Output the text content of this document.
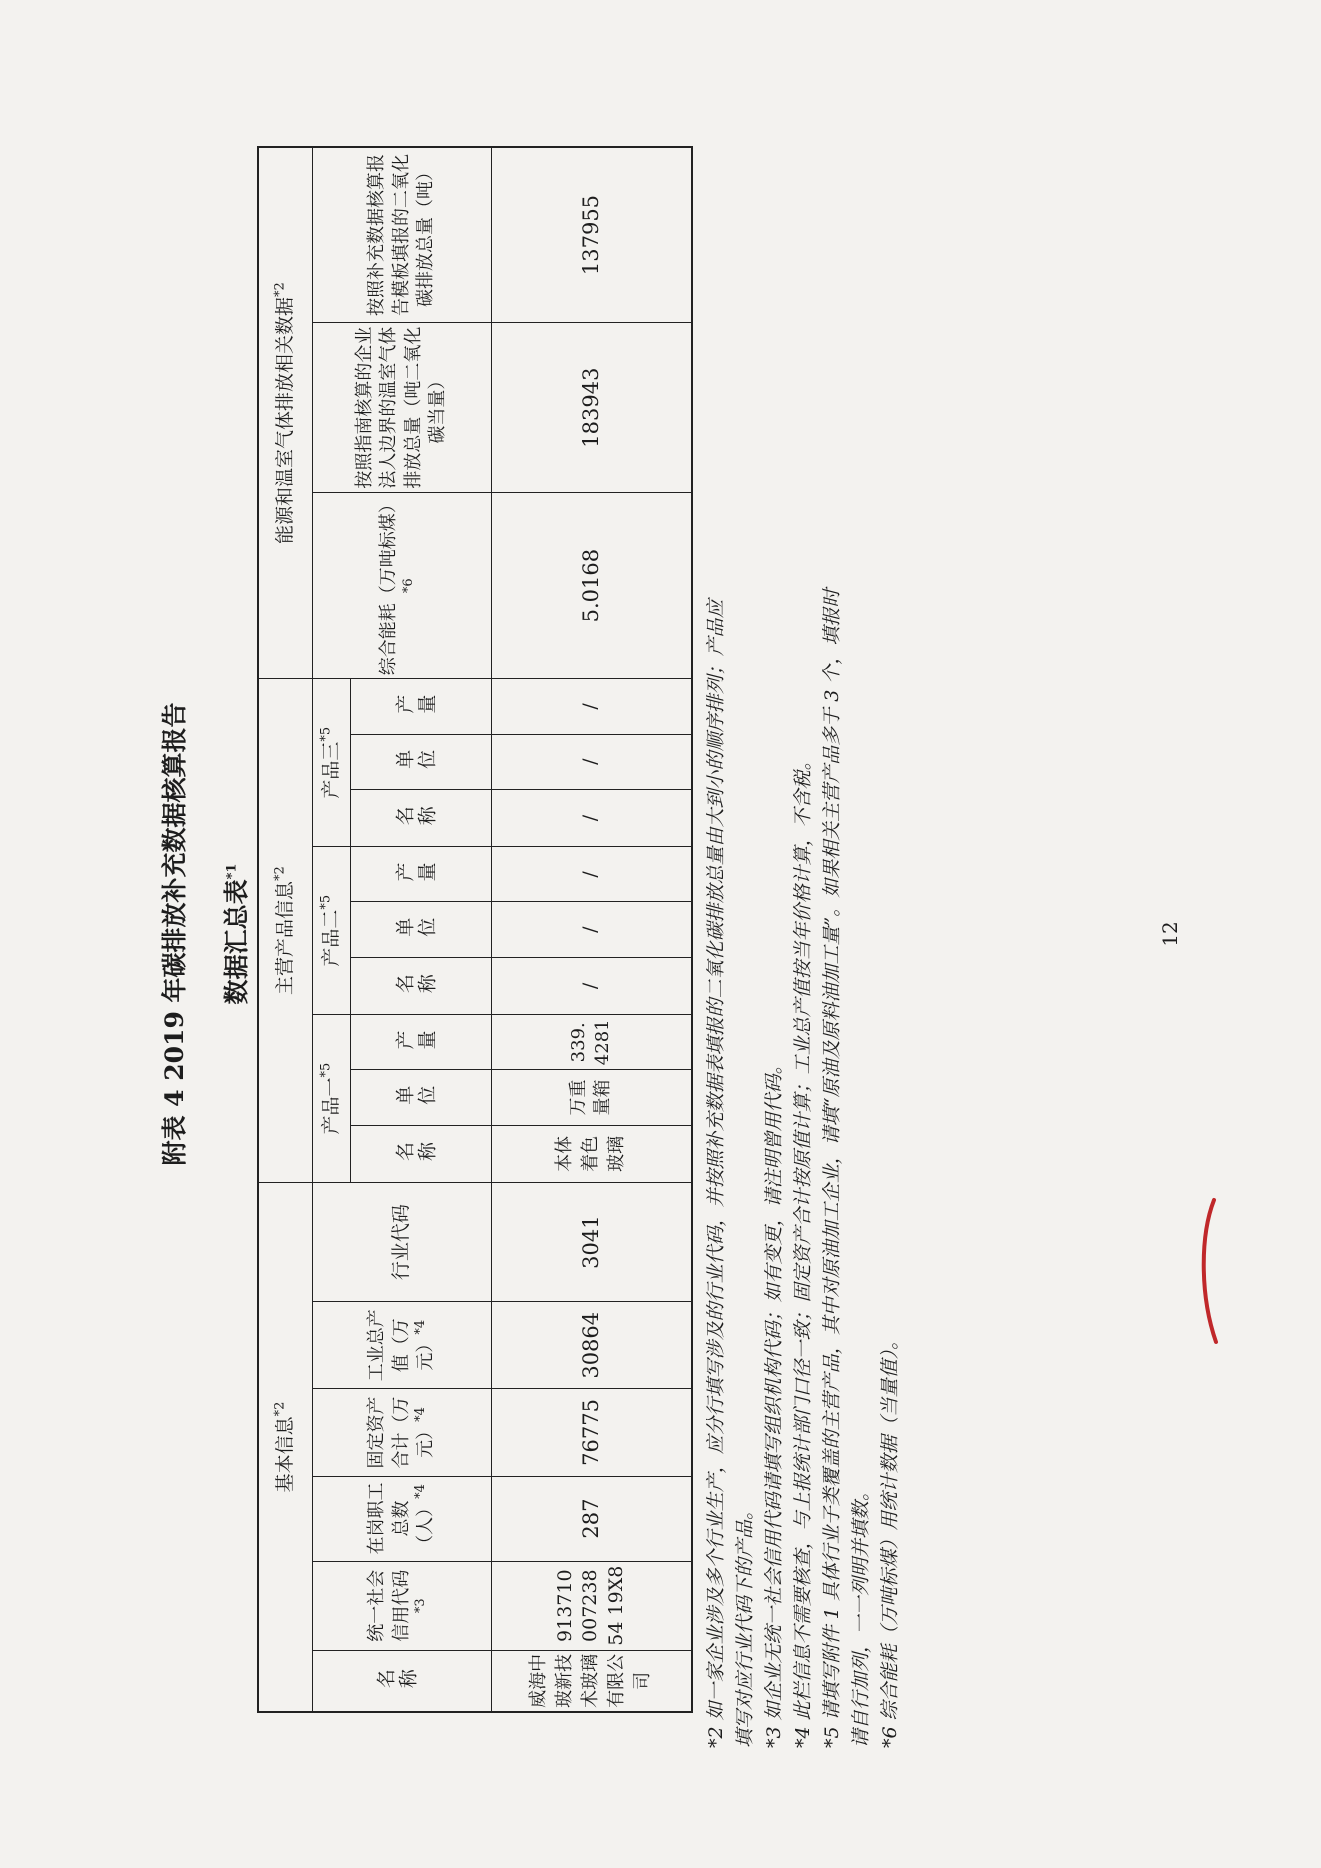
附表 4 2019 年碳排放补充数据核算报告 数据汇总表$^{*1}$
基本信息$^{*2}$						主营产品信息$^{*2}$									能源和温室气体排放相关数据$^{*2}$
名称	统一社会信用代码$^{*3}$	在岗职工总数（人）$^{*4}$	固定资产合计（万元）$^{*4}$	工业总产值（万元）$^{*4}$	行业代码	产品一$^{*5}$			产品二$^{*5}$			产品三$^{*5}$			综合能耗（万吨标煤）$^{*6}$	按照指南核算的企业法人边界的温室气体排放总量（吨二氧化碳当量）	按照补充数据核算报告模板填报的二氧化碳排放总量（吨）
						名称	单位	产量	名称	单位	产量	名称	单位	产量			
威海中玻新技术玻璃有限公司	91371000723854 19X8	287	76775	30864	3041	本体着色玻璃	万重量箱	339.4281	/	/	/	/	/	/	5.0168	183943	137955

*2 如一家企业涉及多个行业生产，应分行填写涉及的行业代码，并按照补充数据表填报的二氧化碳排放总量由大到小的顺序排列；产品应 填写对应行业代码下的产品。 *3 如企业无统一社会信用代码请填写组织机构代码；如有变更，请注明曾用代码。 *4 此栏信息不需要核查，与上报统计部门口径一致；固定资产合计按原值计算；工业总产值按当年价格计算，不含税。 *5 请填写附件 1 具体行业子类覆盖的主营产品，其中对原油加工企业，请填“原油及原料油加工量”。如果相关主营产品多于 3 个，填报时 请自行加列，一一列明并填数。 *6 综合能耗（万吨标煤）用统计数据（当量值）。

12
